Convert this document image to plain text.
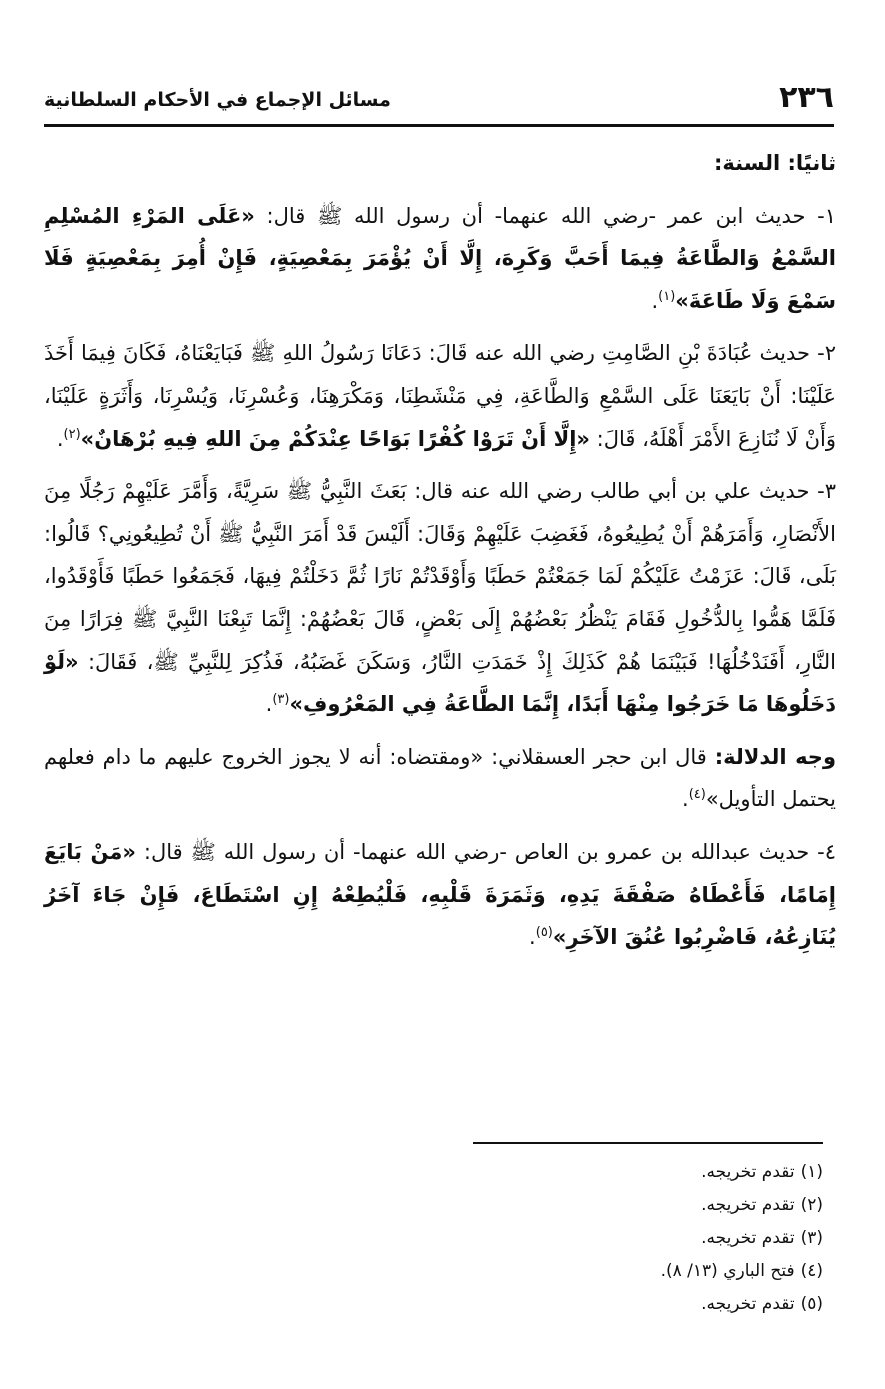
٢٣٦
مسائل الإجماع في الأحكام السلطانية

ثانيًا: السنة:

١- حديث ابن عمر -رضي الله عنهما- أن رسول الله ﷺ قال: «عَلَى المَرْءِ المُسْلِمِ السَّمْعُ وَالطَّاعَةُ فِيمَا أَحَبَّ وَكَرِهَ، إِلَّا أَنْ يُؤْمَرَ بِمَعْصِيَةٍ، فَإِنْ أُمِرَ بِمَعْصِيَةٍ فَلَا سَمْعَ وَلَا طَاعَةَ»$^{(١)}$.

٢- حديث عُبَادَةَ بْنِ الصَّامِتِ رضي الله عنه قَالَ: دَعَانَا رَسُولُ اللهِ ﷺ فَبَايَعْنَاهُ، فَكَانَ فِيمَا أَخَذَ عَلَيْنَا: أَنْ بَايَعَنَا عَلَى السَّمْعِ وَالطَّاعَةِ، فِي مَنْشَطِنَا، وَمَكْرَهِنَا، وَعُسْرِنَا، وَيُسْرِنَا، وَأَثَرَةٍ عَلَيْنَا، وَأَنْ لَا نُنَازِعَ الأَمْرَ أَهْلَهُ، قَالَ: «إِلَّا أَنْ تَرَوْا كُفْرًا بَوَاحًا عِنْدَكُمْ مِنَ اللهِ فِيهِ بُرْهَانٌ»$^{(٢)}$.

٣- حديث علي بن أبي طالب رضي الله عنه قال: بَعَثَ النَّبِيُّ ﷺ سَرِيَّةً، وَأَمَّرَ عَلَيْهِمْ رَجُلًا مِنَ الأَنْصَارِ، وَأَمَرَهُمْ أَنْ يُطِيعُوهُ، فَغَضِبَ عَلَيْهِمْ وَقَالَ: أَلَيْسَ قَدْ أَمَرَ النَّبِيُّ ﷺ أَنْ تُطِيعُونِي؟ قَالُوا: بَلَى، قَالَ: عَزَمْتُ عَلَيْكُمْ لَمَا جَمَعْتُمْ حَطَبًا وَأَوْقَدْتُمْ نَارًا ثُمَّ دَخَلْتُمْ فِيهَا، فَجَمَعُوا حَطَبًا فَأَوْقَدُوا، فَلَمَّا هَمُّوا بِالدُّخُولِ فَقَامَ يَنْظُرُ بَعْضُهُمْ إِلَى بَعْضٍ، قَالَ بَعْضُهُمْ: إِنَّمَا تَبِعْنَا النَّبِيَّ ﷺ فِرَارًا مِنَ النَّارِ، أَفَنَدْخُلُهَا! فَبَيْنَمَا هُمْ كَذَلِكَ إِذْ خَمَدَتِ النَّارُ، وَسَكَنَ غَضَبُهُ، فَذُكِرَ لِلنَّبِيِّ ﷺ، فَقَالَ: «لَوْ دَخَلُوهَا مَا خَرَجُوا مِنْهَا أَبَدًا، إِنَّمَا الطَّاعَةُ فِي المَعْرُوفِ»$^{(٣)}$.

وجه الدلالة: قال ابن حجر العسقلاني: «ومقتضاه: أنه لا يجوز الخروج عليهم ما دام فعلهم يحتمل التأويل»$^{(٤)}$.

٤- حديث عبدالله بن عمرو بن العاص -رضي الله عنهما- أن رسول الله ﷺ قال: «مَنْ بَايَعَ إِمَامًا، فَأَعْطَاهُ صَفْقَةَ يَدِهِ، وَثَمَرَةَ قَلْبِهِ، فَلْيُطِعْهُ إِنِ اسْتَطَاعَ، فَإِنْ جَاءَ آخَرُ يُنَازِعُهُ، فَاضْرِبُوا عُنُقَ الآخَرِ»$^{(٥)}$.

(١)تقدم تخريجه.
(٢)تقدم تخريجه.
(٣)تقدم تخريجه.
(٤)فتح الباري (١٣/ ٨).
(٥)تقدم تخريجه.
